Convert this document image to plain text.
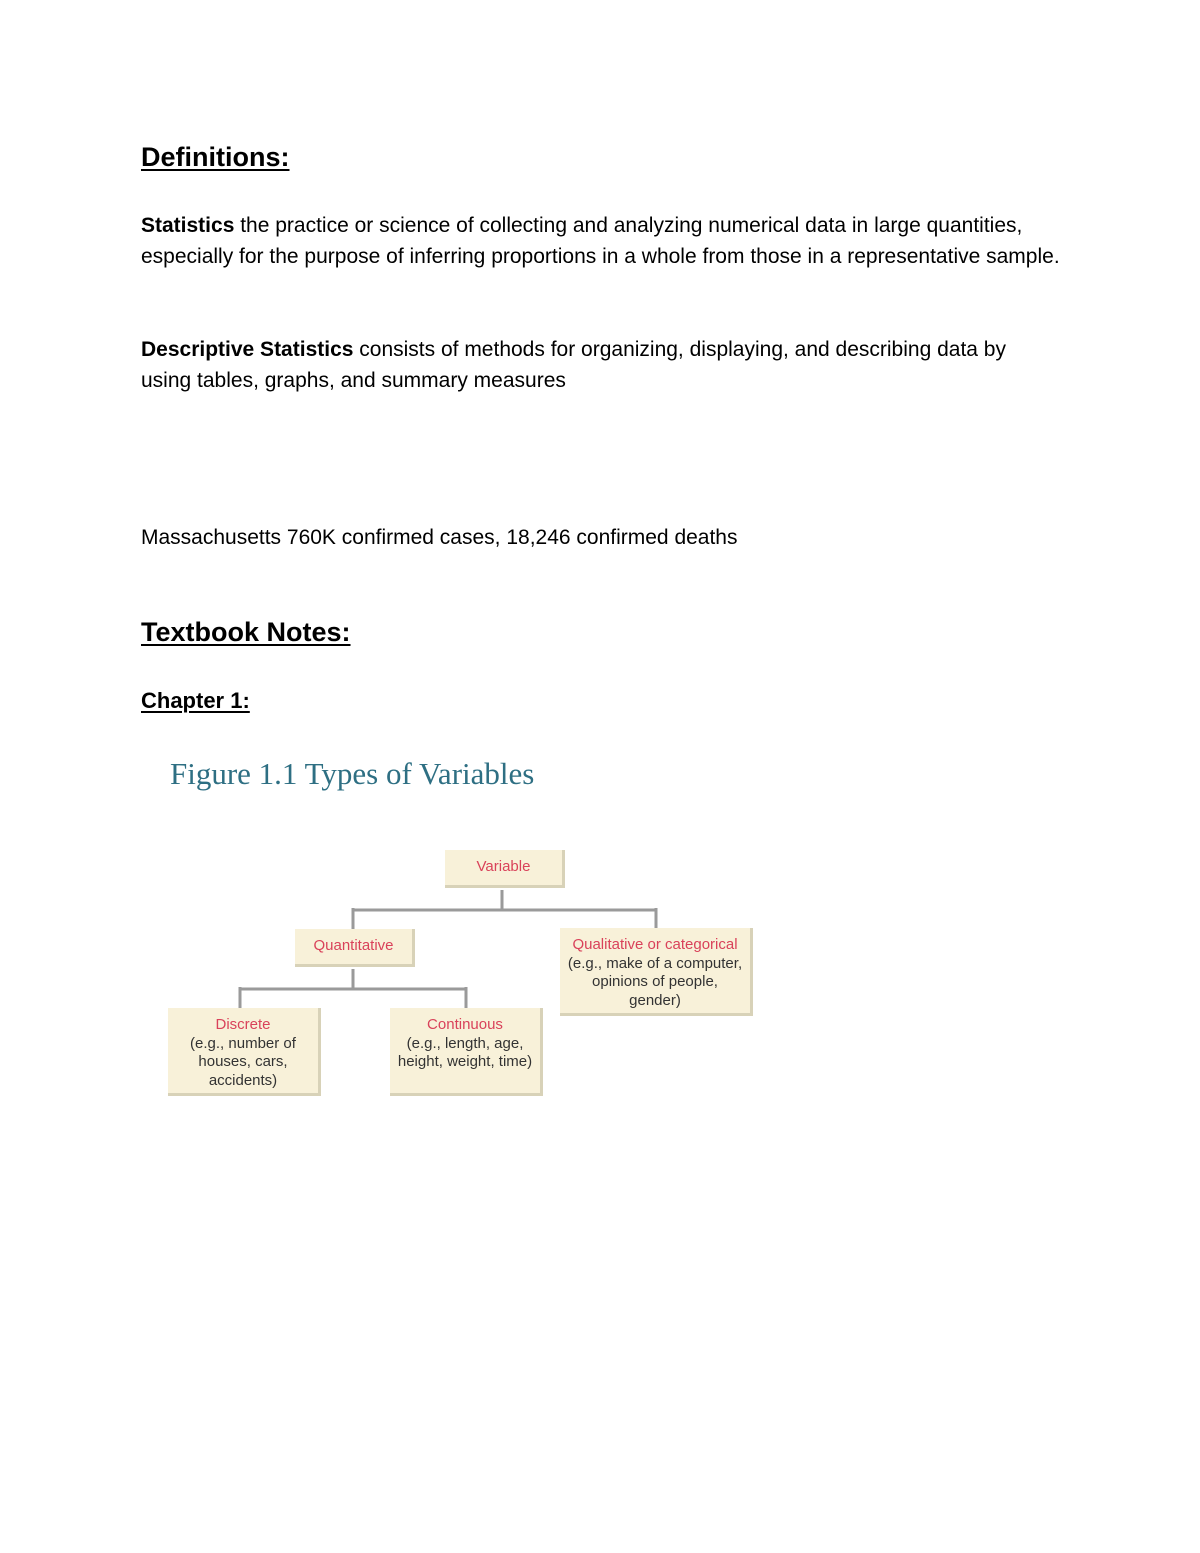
Definitions:

Statistics the practice or science of collecting and analyzing numerical data in large quantities, especially for the purpose of inferring proportions in a whole from those in a representative sample.

Descriptive Statistics consists of methods for organizing, displaying, and describing data by using tables, graphs, and summary measures

Massachusetts 760K confirmed cases, 18,246 confirmed deaths

Textbook Notes:
Chapter 1:

Figure 1.1 Types of Variables

Variable
Quantitative	Qualitative or categorical
(e.g., make of a computer, opinions of people, gender)
Discrete
(e.g., number of houses, cars, accidents)
Continuous
(e.g., length, age, height, weight, time)
